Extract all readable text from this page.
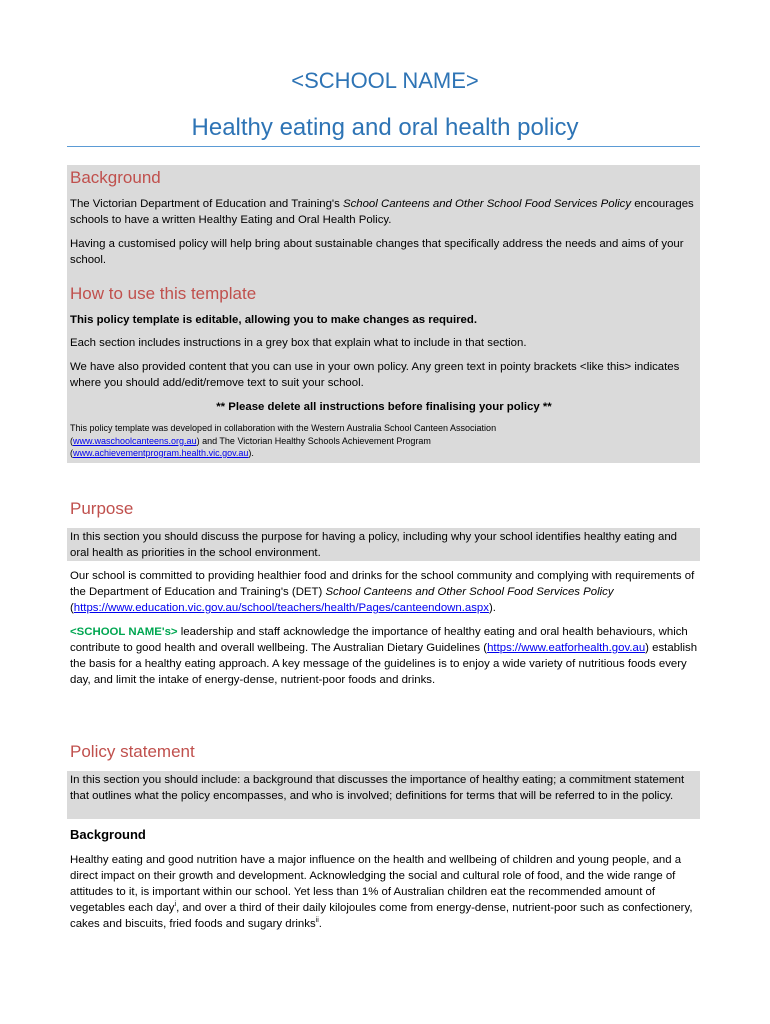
<SCHOOL NAME>
Healthy eating and oral health policy
Background
The Victorian Department of Education and Training's School Canteens and Other School Food Services Policy encourages schools to have a written Healthy Eating and Oral Health Policy.
Having a customised policy will help bring about sustainable changes that specifically address the needs and aims of your school.
How to use this template
This policy template is editable, allowing you to make changes as required.
Each section includes instructions in a grey box that explain what to include in that section.
We have also provided content that you can use in your own policy. Any green text in pointy brackets <like this> indicates where you should add/edit/remove text to suit your school.
** Please delete all instructions before finalising your policy **
This policy template was developed in collaboration with the Western Australia School Canteen Association
(www.waschoolcanteens.org.au) and The Victorian Healthy Schools Achievement Program
(www.achievementprogram.health.vic.gov.au).
Purpose
In this section you should discuss the purpose for having a policy, including why your school identifies healthy eating and oral health as priorities in the school environment.
Our school is committed to providing healthier food and drinks for the school community and complying with requirements of the Department of Education and Training's (DET) School Canteens and Other School Food Services Policy (https://www.education.vic.gov.au/school/teachers/health/Pages/canteendown.aspx).
<SCHOOL NAME's> leadership and staff acknowledge the importance of healthy eating and oral health behaviours, which contribute to good health and overall wellbeing. The Australian Dietary Guidelines (https://www.eatforhealth.gov.au) establish the basis for a healthy eating approach. A key message of the guidelines is to enjoy a wide variety of nutritious foods every day, and limit the intake of energy-dense, nutrient-poor foods and drinks.
Policy statement
In this section you should include: a background that discusses the importance of healthy eating; a commitment statement that outlines what the policy encompasses, and who is involved; definitions for terms that will be referred to in the policy.
Background
Healthy eating and good nutrition have a major influence on the health and wellbeing of children and young people, and a direct impact on their growth and development. Acknowledging the social and cultural role of food, and the wide range of attitudes to it, is important within our school. Yet less than 1% of Australian children eat the recommended amount of vegetables each day$^i$, and over a third of their daily kilojoules come from energy-dense, nutrient-poor such as confectionery, cakes and biscuits, fried foods and sugary drinks$^{ii}$.
